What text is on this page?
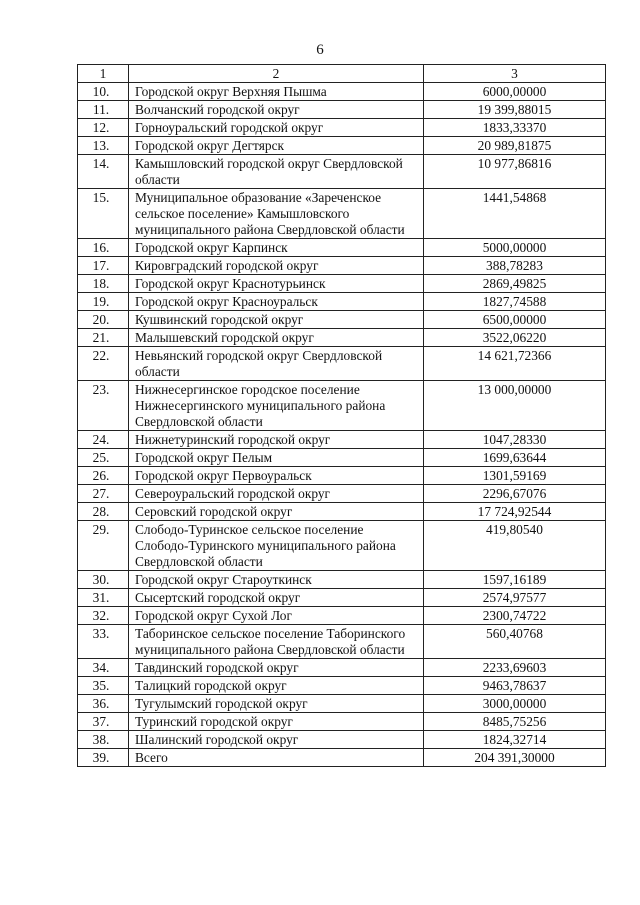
6
1	2	3
10.	Городской округ Верхняя Пышма	6000,00000
11.	Волчанский городской округ	19 399,88015
12.	Горноуральский городской округ	1833,33370
13.	Городской округ Дегтярск	20 989,81875
14.	Камышловский городской округ Свердловской области	10 977,86816
15.	Муниципальное образование «Зареченское сельское поселение» Камышловского муниципального района Свердловской области	1441,54868
16.	Городской округ Карпинск	5000,00000
17.	Кировградский городской округ	388,78283
18.	Городской округ Краснотурьинск	2869,49825
19.	Городской округ Красноуральск	1827,74588
20.	Кушвинский городской округ	6500,00000
21.	Малышевский городской округ	3522,06220
22.	Невьянский городской округ Свердловской области	14 621,72366
23.	Нижнесергинское городское поселение Нижнесергинского муниципального района Свердловской области	13 000,00000
24.	Нижнетуринский городской округ	1047,28330
25.	Городской округ Пелым	1699,63644
26.	Городской округ Первоуральск	1301,59169
27.	Североуральский городской округ	2296,67076
28.	Серовский городской округ	17 724,92544
29.	Слободо-Туринское сельское поселение Слободо-Туринского муниципального района Свердловской области	419,80540
30.	Городской округ Староуткинск	1597,16189
31.	Сысертский городской округ	2574,97577
32.	Городской округ Сухой Лог	2300,74722
33.	Таборинское сельское поселение Таборинского муниципального района Свердловской области	560,40768
34.	Тавдинский городской округ	2233,69603
35.	Талицкий городской округ	9463,78637
36.	Тугулымский городской округ	3000,00000
37.	Туринский городской округ	8485,75256
38.	Шалинский городской округ	1824,32714
39.	Всего	204 391,30000
